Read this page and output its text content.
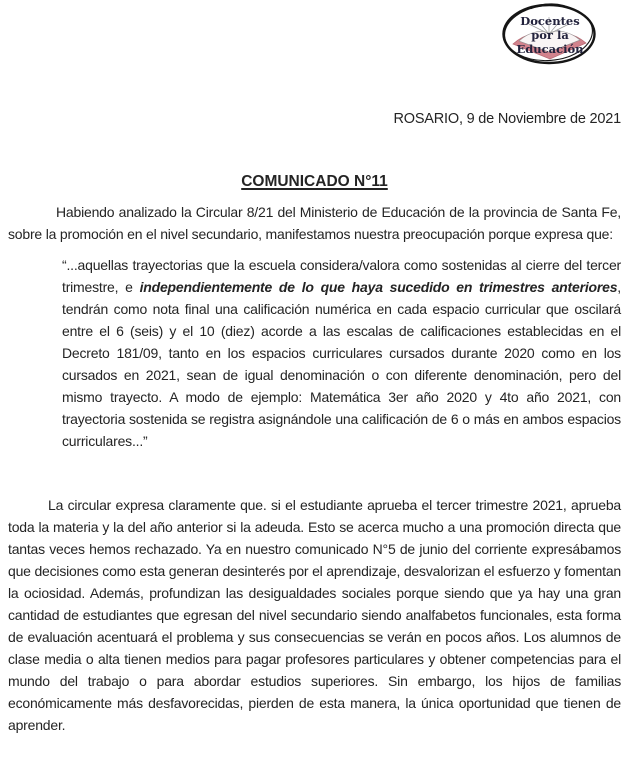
Docentes
por la
Educación
ROSARIO, 9 de Noviembre de 2021
COMUNICADO N°11

Habiendo analizado la Circular 8/21 del Ministerio de Educación de la provincia de Santa Fe, sobre la promoción en el nivel secundario, manifestamos nuestra preocupación porque expresa que:

“...aquellas trayectorias que la escuela considera/valora como sostenidas al cierre del tercer trimestre, e independientemente de lo que haya sucedido en trimestres anteriores, tendrán como nota final una calificación numérica en cada espacio curricular que oscilará entre el 6 (seis) y el 10 (diez) acorde a las escalas de calificaciones establecidas en el Decreto 181/09, tanto en los espacios curriculares cursados durante 2020 como en los cursados en 2021, sean de igual denominación o con diferente denominación, pero del mismo trayecto. A modo de ejemplo: Matemática 3er año 2020 y 4to año 2021, con trayectoria sostenida se registra asignándole una calificación de 6 o más en ambos espacios curriculares...”

La circular expresa claramente que. si el estudiante aprueba el tercer trimestre 2021, aprueba toda la materia y la del año anterior si la adeuda. Esto se acerca mucho a una promoción directa que tantas veces hemos rechazado. Ya en nuestro comunicado N°5 de junio del corriente expresábamos que decisiones como esta generan desinterés por el aprendizaje, desvalorizan el esfuerzo y fomentan la ociosidad. Además, profundizan las desigualdades sociales porque siendo que ya hay una gran cantidad de estudiantes que egresan del nivel secundario siendo analfabetos funcionales, esta forma de evaluación acentuará el problema y sus consecuencias se verán en pocos años. Los alumnos de clase media o alta tienen medios para pagar profesores particulares y obtener competencias para el mundo del trabajo o para abordar estudios superiores. Sin embargo, los hijos de familias económicamente más desfavorecidas, pierden de esta manera, la única oportunidad que tienen de aprender.
